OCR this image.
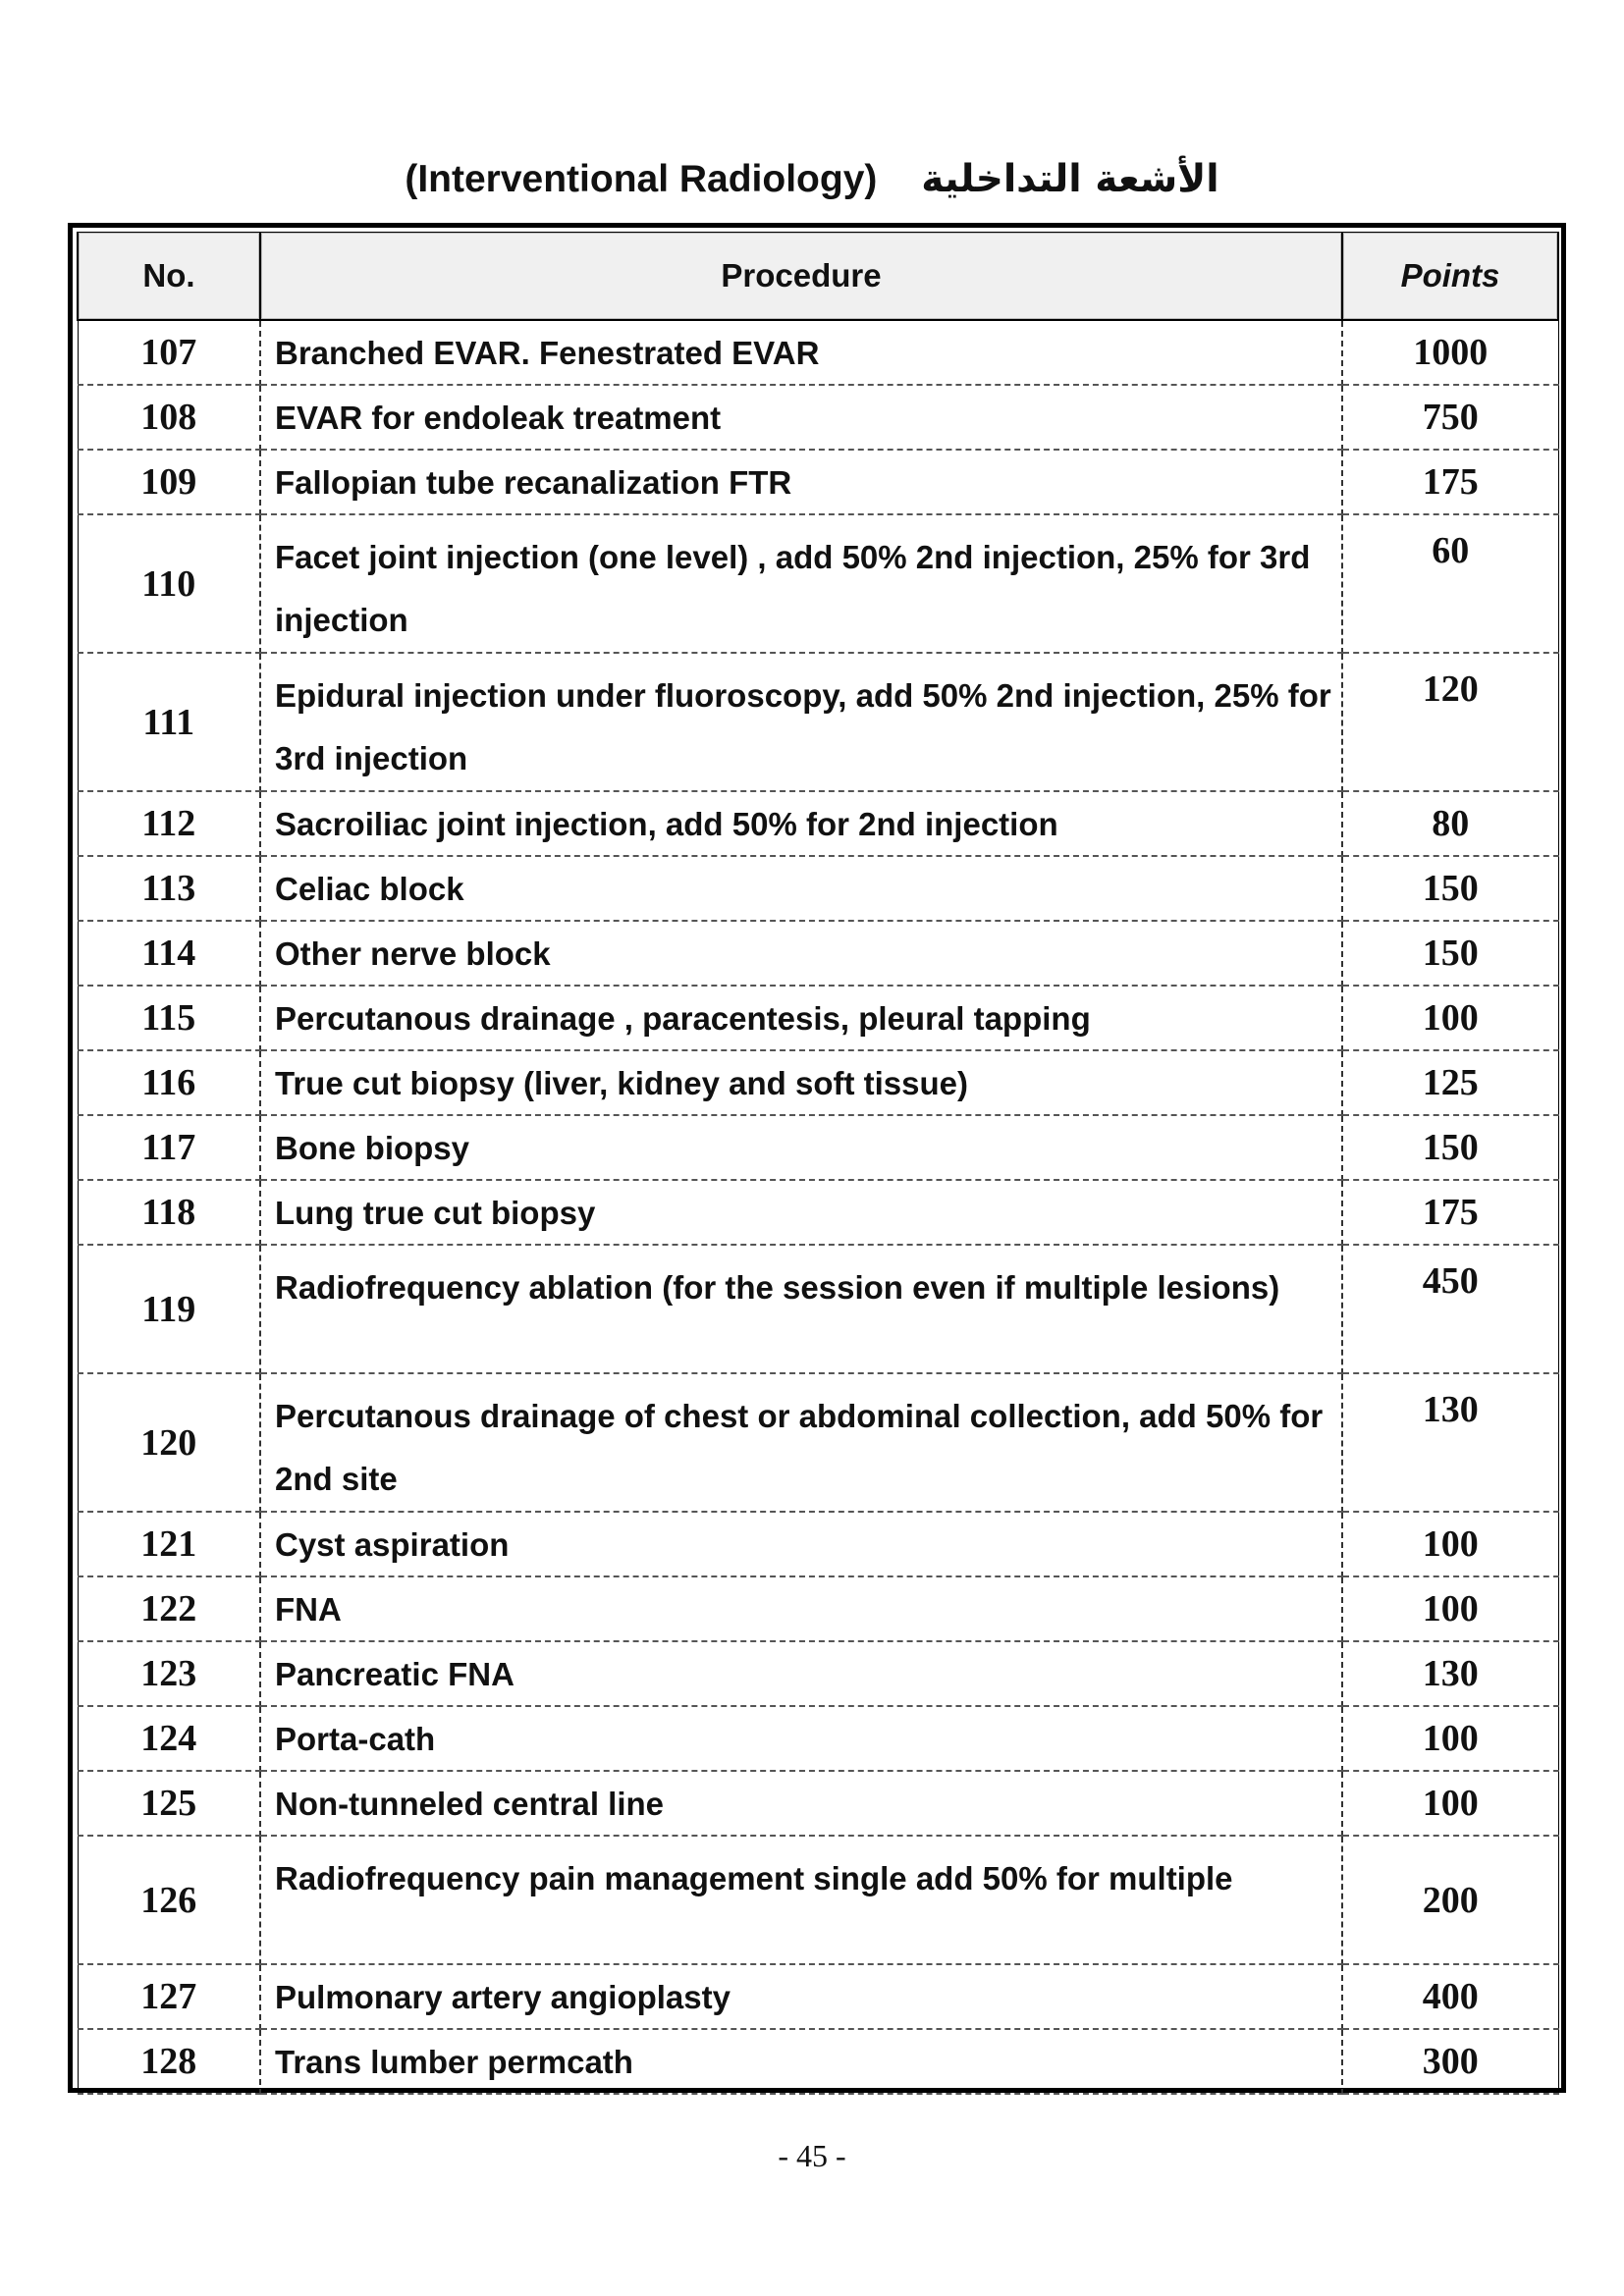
(Interventional Radiology) الأشعة التداخلية
No.	Procedure	Points
107	Branched EVAR. Fenestrated EVAR	1000
108	EVAR for endoleak treatment	750
109	Fallopian tube recanalization FTR	175
110	Facet joint injection (one level) , add 50% 2nd injection, 25% for 3rd injection	60
111	Epidural injection under fluoroscopy, add 50% 2nd injection, 25% for 3rd injection	120
112	Sacroiliac joint injection, add 50% for 2nd injection	80
113	Celiac block	150
114	Other nerve block	150
115	Percutanous drainage , paracentesis, pleural tapping	100
116	True cut biopsy (liver, kidney and soft tissue)	125
117	Bone biopsy	150
118	Lung true cut biopsy	175
119	Radiofrequency ablation (for the session even if multiple lesions)	450
120	Percutanous drainage of chest or abdominal collection, add 50% for 2nd site	130
121	Cyst aspiration	100
122	FNA	100
123	Pancreatic FNA	130
124	Porta-cath	100
125	Non-tunneled central line	100
126	Radiofrequency pain management single add 50% for multiple	200
127	Pulmonary artery angioplasty	400
128	Trans lumber permcath	300
- 45 -
